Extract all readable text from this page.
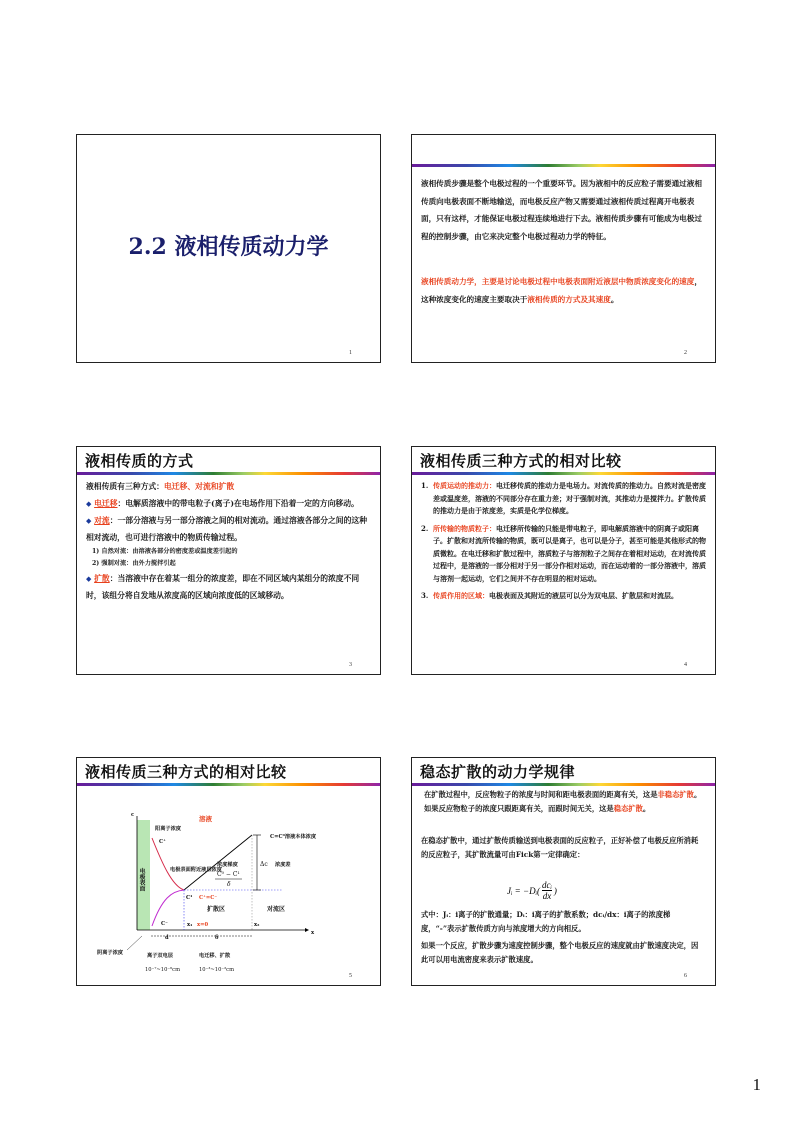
2.2 液相传质动力学
1
液相传质步骤是整个电极过程的一个重要环节。因为液相中的反应粒子需要通过液相传质向电极表面不断地输送，而电极反应产物又需要通过液相传质过程离开电极表面，只有这样，才能保证电极过程连续地进行下去。液相传质步骤有可能成为电极过程的控制步骤，由它来决定整个电极过程动力学的特征。
液相传质动力学，主要是讨论电极过程中电极表面附近液层中物质浓度变化的速度，这种浓度变化的速度主要取决于液相传质的方式及其速度。
2
液相传质的方式
液相传质有三种方式：电迁移、对流和扩散
◆ 电迁移：电解质溶液中的带电粒子(离子)在电场作用下沿着一定的方向移动。
◆ 对流：一部分溶液与另一部分溶液之间的相对流动。通过溶液各部分之间的这种相对流动，也可进行溶液中的物质传输过程。
1) 自然对流：由溶液各部分的密度差或温度差引起的
2) 强制对流：由外力搅拌引起
◆ 扩散：当溶液中存在着某一组分的浓度差，即在不同区域内某组分的浓度不同时，该组分将自发地从浓度高的区域向浓度低的区域移动。
3
液相传质三种方式的相对比较
1. 传质运动的推动力：电迁移传质的推动力是电场力。对流传质的推动力。自然对流是密度差或温度差，溶液的不同部分存在重力差；对于强制对流，其推动力是搅拌力。扩散传质的推动力是由于浓度差，实质是化学位梯度。
2. 所传输的物质粒子：电迁移所传输的只能是带电粒子，即电解质溶液中的阴离子或阳离子。扩散和对流所传输的物质，既可以是离子，也可以是分子，甚至可能是其他形式的物质微粒。在电迁移和扩散过程中，溶质粒子与溶剂粒子之间存在着相对运动，在对流传质过程中，是溶液的一部分相对于另一部分作相对运动，而在运动着的一部分溶液中，溶质与溶剂一起运动，它们之间并不存在明显的相对运动。
3. 传质作用的区域：电极表面及其附近的液层可以分为双电层、扩散层和对流层。
4
液相传质三种方式的相对比较
c
x
溶液
阳离子浓度
C⁺
电极表面	电极表面附近液层浓度
浓度梯度
C⁰ − C¹
δ
C=C⁰溶液本体浓度
Δc 浓度差
C¹ C⁺=C⁻
扩散区	对流区
C⁻	x₁ x=0	x₂
d	δ
阴离子浓度	离子双电层	电迁移、扩散
10⁻⁷~10⁻⁶cm	10⁻³~10⁻²cm
5
稳态扩散的动力学规律
在扩散过程中，反应物粒子的浓度与时间和距电极表面的距离有关，这是非稳态扩散。如果反应物粒子的浓度只跟距离有关，而跟时间无关，这是稳态扩散。
在稳态扩散中，通过扩散传质输送到电极表面的反应粒子，正好补偿了电极反应所消耗的反应粒子，其扩散流量可由Fick第一定律确定：
Jᵢ = −Dᵢ( $\frac{\text{dcᵢ}}{dx}$ )
式中：Jᵢ：i离子的扩散通量；Dᵢ：i离子的扩散系数；dcᵢ/dx：i离子的浓度梯度，“-”表示扩散传质方向与浓度增大的方向相反。
如果一个反应，扩散步骤为速度控制步骤，整个电极反应的速度就由扩散速度决定，因此可以用电流密度来表示扩散速度。
6
1
